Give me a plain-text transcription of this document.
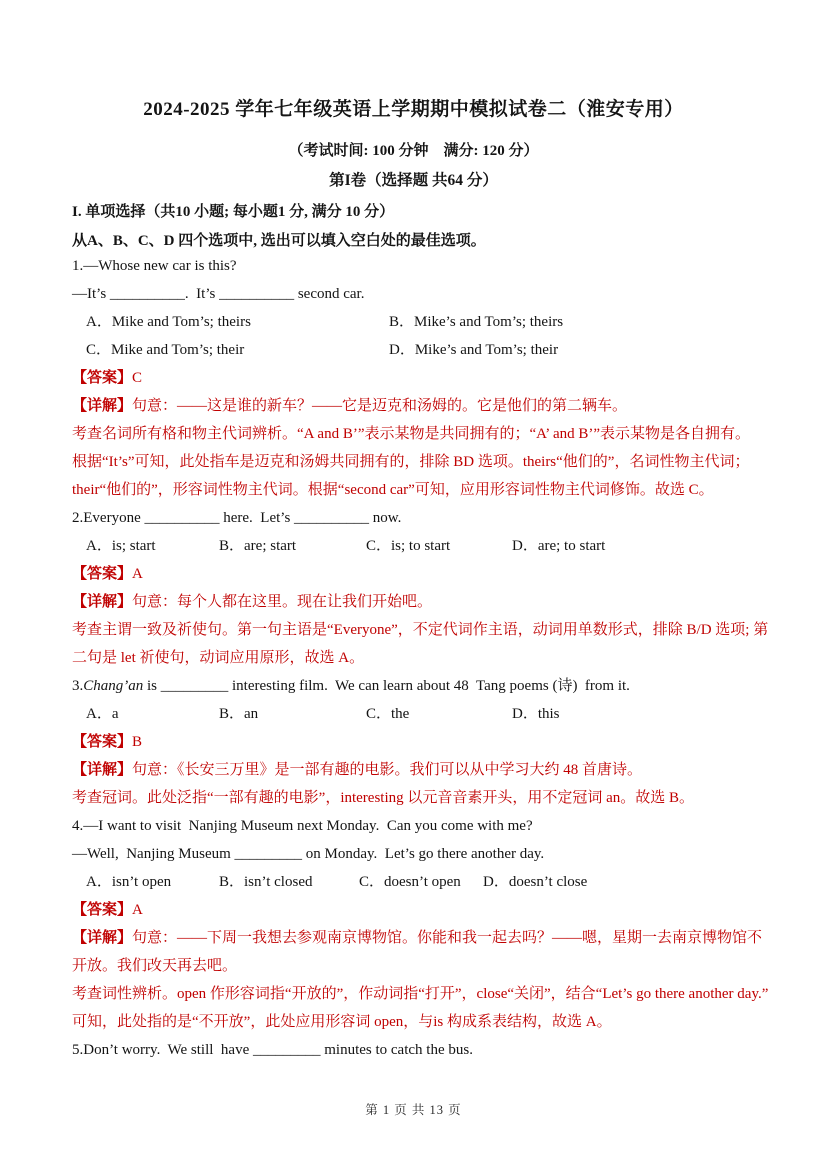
2024-2025 学年七年级英语上学期期中模拟试卷二（淮安专用）

（考试时间: 100 分钟　满分: 120 分）

第I卷（选择题 共64 分）

I. 单项选择（共10 小题; 每小题1 分, 满分 10 分）

从A、B、C、D 四个选项中, 选出可以填入空白处的最佳选项。

1.—Whose new car is this?

—It’s __________.  It’s __________ second car.

A．Mike and Tom’s; theirs	B．Mike’s and Tom’s; theirs
C．Mike and Tom’s; their	D．Mike’s and Tom’s; their

【答案】C

【详解】句意：——这是谁的新车？——它是迈克和汤姆的。它是他们的第二辆车。

考查名词所有格和物主代词辨析。“A and B’”表示某物是共同拥有的；“A’ and B’”表示某物是各自拥有。

根据“It’s”可知，此处指车是迈克和汤姆共同拥有的，排除 BD 选项。theirs“他们的”，名词性物主代词；

their“他们的”，形容词性物主代词。根据“second car”可知，应用形容词性物主代词修饰。故选 C。

2.Everyone __________ here.  Let’s __________ now.

A．is; start	B．are; start	C．is; to start	D．are; to start

【答案】A

【详解】句意：每个人都在这里。现在让我们开始吧。

考查主谓一致及祈使句。第一句主语是“Everyone”，不定代词作主语，动词用单数形式，排除 B/D 选项; 第

二句是 let 祈使句，动词应用原形，故选 A。

3.Chang’an is _________ interesting film.  We can learn about 48  Tang poems (诗)  from it.

A．a	B．an	C．the	D．this

【答案】B

【详解】句意：《长安三万里》是一部有趣的电影。我们可以从中学习大约 48 首唐诗。

考查冠词。此处泛指“一部有趣的电影”，interesting 以元音音素开头，用不定冠词 an。故选 B。

4.—I want to visit  Nanjing Museum next Monday.  Can you come with me?

—Well,  Nanjing Museum _________ on Monday.  Let’s go there another day.

A．isn’t open	B．isn’t closed	C．doesn’t open	D．doesn’t close

【答案】A

【详解】句意：——下周一我想去参观南京博物馆。你能和我一起去吗？——嗯，星期一去南京博物馆不

开放。我们改天再去吧。

考查词性辨析。open 作形容词指“开放的”，作动词指“打开”，close“关闭”，结合“Let’s go there another day.”

可知，此处指的是“不开放”，此处应用形容词 open，与is 构成系表结构，故选 A。

5.Don’t worry.  We still  have _________ minutes to catch the bus.

第 1 页 共 13 页
